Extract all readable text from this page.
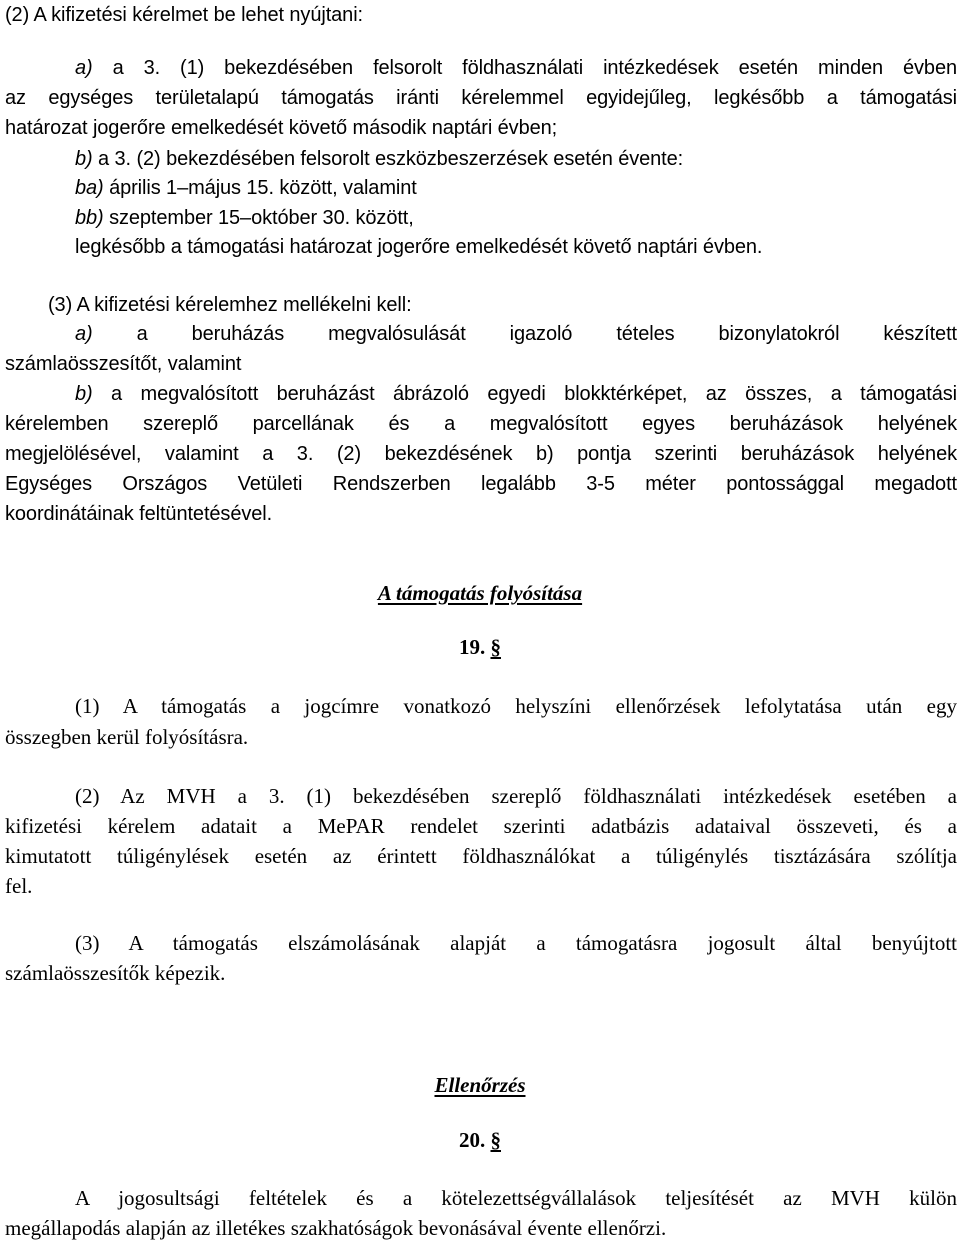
(2) A kifizetési kérelmet be lehet nyújtani:

a) a 3. (1) bekezdésében felsorolt földhasználati intézkedések esetén minden évben

az egységes területalapú támogatás iránti kérelemmel egyidejűleg, legkésőbb a támogatási

határozat jogerőre emelkedését követő második naptári évben;

b) a 3. (2) bekezdésében felsorolt eszközbeszerzések esetén évente:

ba) április 1–május 15. között, valamint

bb) szeptember 15–október 30. között,

legkésőbb a támogatási határozat jogerőre emelkedését követő naptári évben.

(3) A kifizetési kérelemhez mellékelni kell:

a) a beruházás megvalósulását igazoló tételes bizonylatokról készített

számlaösszesítőt, valamint

b) a megvalósított beruházást ábrázoló egyedi blokktérképet, az összes, a támogatási

kérelemben szereplő parcellának és a megvalósított egyes beruházások helyének

megjelölésével, valamint a 3. (2) bekezdésének b) pontja szerinti beruházások helyének

Egységes Országos Vetületi Rendszerben legalább 3-5 méter pontossággal megadott

koordinátáinak feltüntetésével.

A támogatás folyósítása

19. §

(1) A támogatás a jogcímre vonatkozó helyszíni ellenőrzések lefolytatása után egy

összegben kerül folyósításra.

(2) Az MVH a 3. (1) bekezdésében szereplő földhasználati intézkedések esetében a

kifizetési kérelem adatait a MePAR rendelet szerinti adatbázis adataival összeveti, és a

kimutatott túligénylések esetén az érintett földhasználókat a túligénylés tisztázására szólítja

fel.

(3) A támogatás elszámolásának alapját a támogatásra jogosult által benyújtott

számlaösszesítők képezik.

Ellenőrzés

20. §

A jogosultsági feltételek és a kötelezettségvállalások teljesítését az MVH külön

megállapodás alapján az illetékes szakhatóságok bevonásával évente ellenőrzi.
